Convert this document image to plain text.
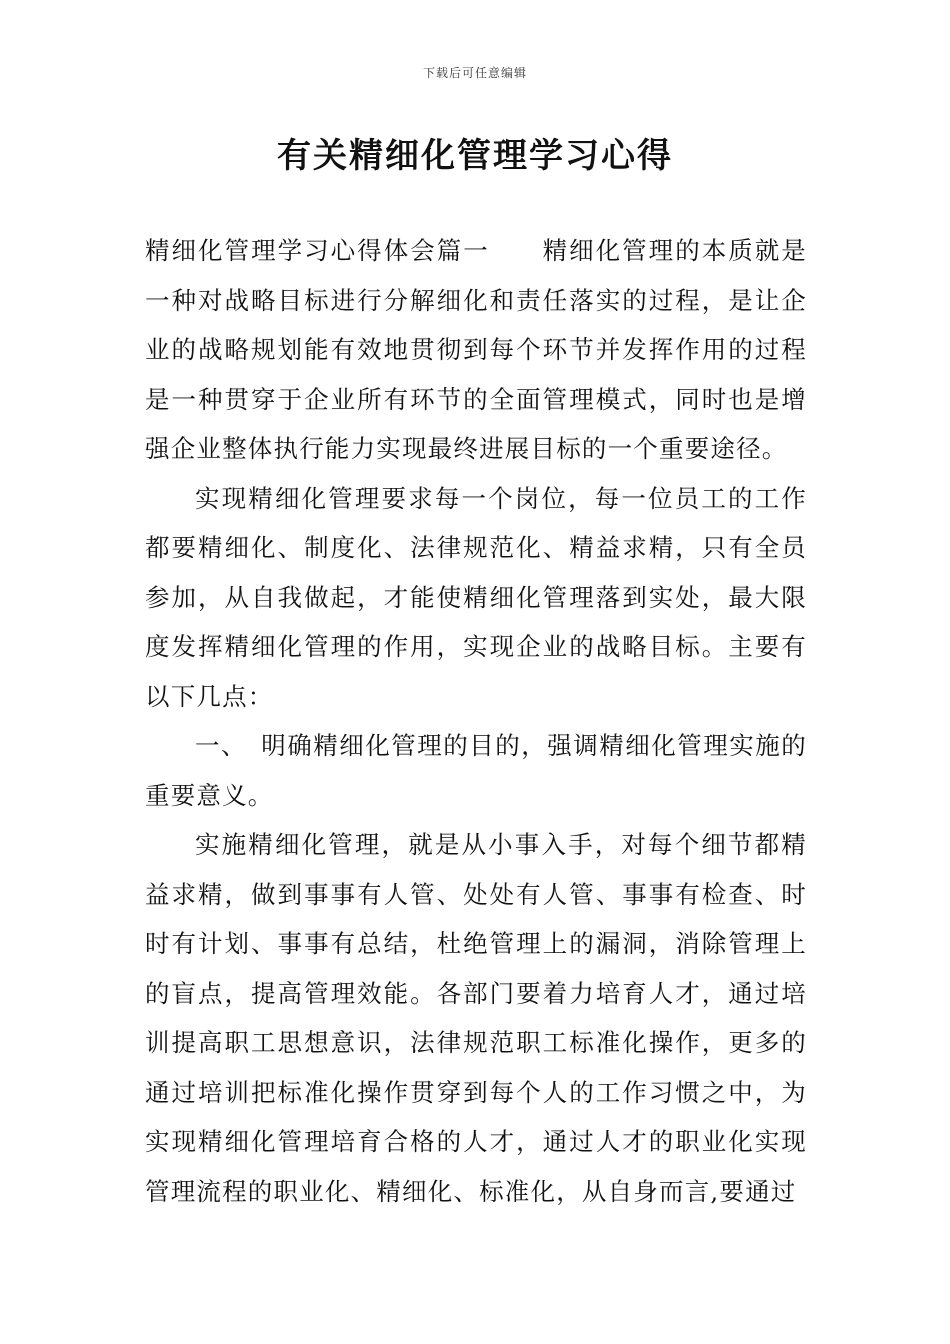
下载后可任意编辑
有关精细化管理学习心得

精细化管理学习心得体会篇一 精细化管理的本质就是一种对战略目标进行分解细化和责任落实的过程，是让企业的战略规划能有效地贯彻到每个环节并发挥作用的过程是一种贯穿于企业所有环节的全面管理模式，同时也是增强企业整体执行能力实现最终进展目标的一个重要途径。

实现精细化管理要求每一个岗位，每一位员工的工作都要精细化、制度化、法律规范化、精益求精，只有全员参加，从自我做起，才能使精细化管理落到实处，最大限度发挥精细化管理的作用，实现企业的战略目标。主要有以下几点：

一、 明确精细化管理的目的，强调精细化管理实施的重要意义。

实施精细化管理，就是从小事入手，对每个细节都精益求精，做到事事有人管、处处有人管、事事有检查、时时有计划、事事有总结，杜绝管理上的漏洞，消除管理上的盲点，提高管理效能。各部门要着力培育人才，通过培训提高职工思想意识，法律规范职工标准化操作，更多的通过培训把标准化操作贯穿到每个人的工作习惯之中，为实现精细化管理培育合格的人才，通过人才的职业化实现管理流程的职业化、精细化、标准化，从自身而言,要通过
